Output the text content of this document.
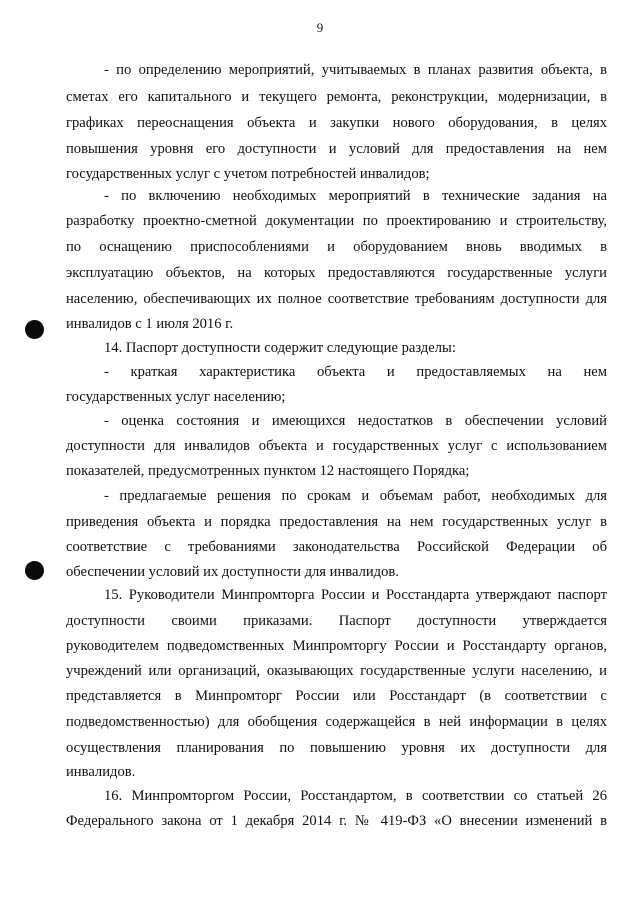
9
- по определению мероприятий, учитываемых в планах развития объекта, в
сметах его капитального и текущего ремонта, реконструкции, модернизации, в
графиках переоснащения объекта и закупки нового оборудования, в целях
повышения уровня его доступности и условий для предоставления на нем
государственных услуг с учетом потребностей инвалидов;
- по включению необходимых мероприятий в технические задания на
разработку проектно-сметной документации по проектированию и строительству,
по оснащению приспособлениями и оборудованием вновь вводимых в
эксплуатацию объектов, на которых предоставляются государственные услуги
населению, обеспечивающих их полное соответствие требованиям доступности для
инвалидов с 1 июля 2016 г.
14. Паспорт доступности содержит следующие разделы:
- краткая характеристика объекта и предоставляемых на нем
государственных услуг населению;
- оценка состояния и имеющихся недостатков в обеспечении условий
доступности для инвалидов объекта и государственных услуг с использованием
показателей, предусмотренных пунктом 12 настоящего Порядка;
- предлагаемые решения по срокам и объемам работ, необходимых для
приведения объекта и порядка предоставления на нем государственных услуг в
соответствие с требованиями законодательства Российской Федерации об
обеспечении условий их доступности для инвалидов.
15. Руководители Минпромторга России и Росстандарта утверждают паспорт
доступности своими приказами. Паспорт доступности утверждается
руководителем подведомственных Минпромторгу России и Росстандарту органов,
учреждений или организаций, оказывающих государственные услуги населению, и
представляется в Минпромторг России или Росстандарт (в соответствии с
подведомственностью) для обобщения содержащейся в ней информации в целях
осуществления планирования по повышению уровня их доступности для
инвалидов.
16. Минпромторгом России, Росстандартом, в соответствии со статьей 26
Федерального закона от 1 декабря 2014 г. № 419-ФЗ «О внесении изменений в
